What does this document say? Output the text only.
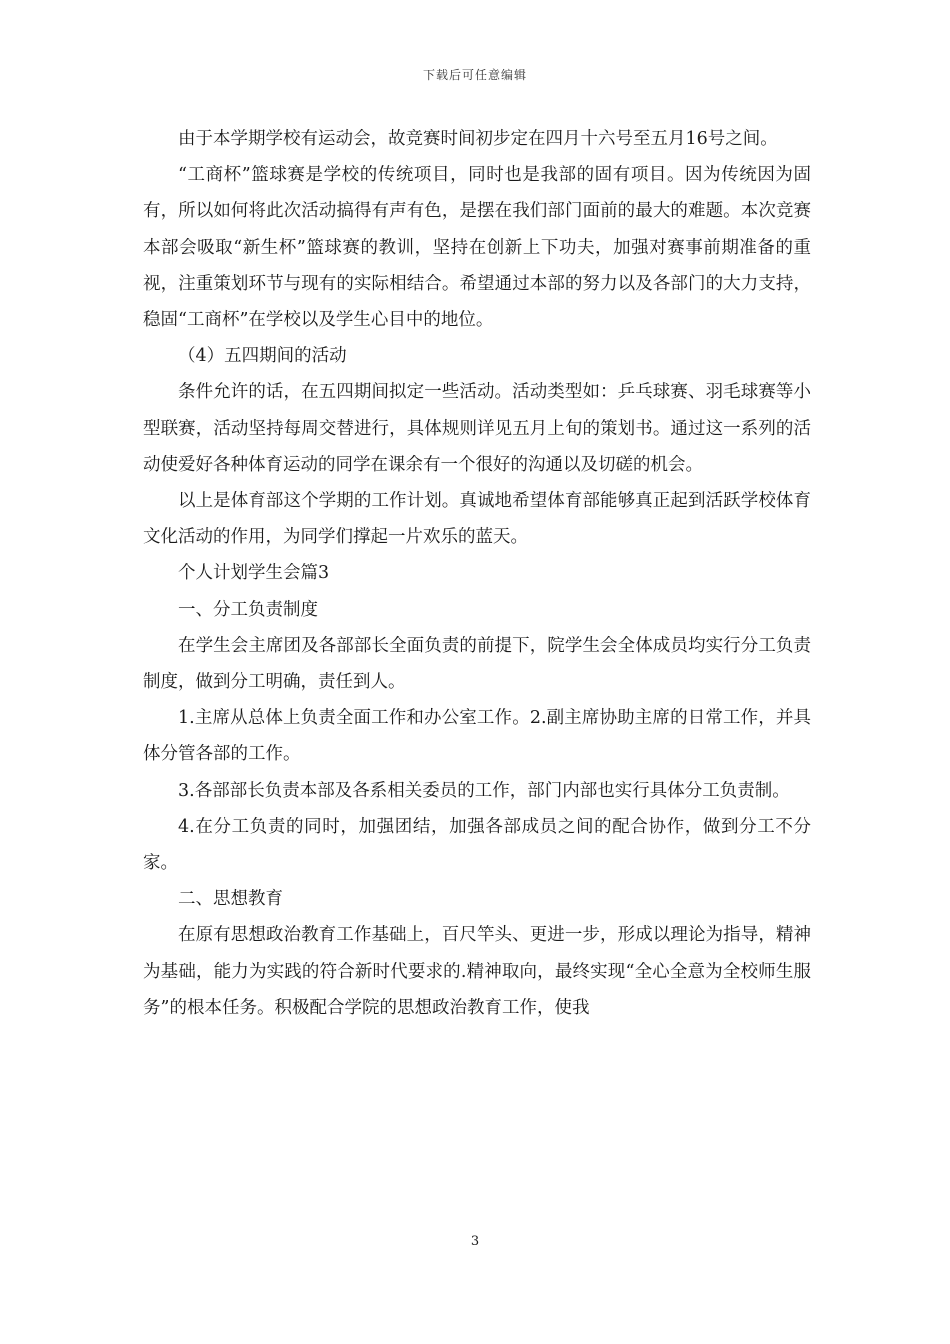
下载后可任意编辑

由于本学期学校有运动会，故竞赛时间初步定在四月十六号至五月16号之间。

“工商杯”篮球赛是学校的传统项目，同时也是我部的固有项目。因为传统因为固有，所以如何将此次活动搞得有声有色，是摆在我们部门面前的最大的难题。本次竞赛本部会吸取“新生杯”篮球赛的教训，坚持在创新上下功夫，加强对赛事前期准备的重视，注重策划环节与现有的实际相结合。希望通过本部的努力以及各部门的大力支持，稳固“工商杯”在学校以及学生心目中的地位。

（4）五四期间的活动

条件允许的话，在五四期间拟定一些活动。活动类型如：乒乓球赛、羽毛球赛等小型联赛，活动坚持每周交替进行，具体规则详见五月上旬的策划书。通过这一系列的活动使爱好各种体育运动的同学在课余有一个很好的沟通以及切磋的机会。

以上是体育部这个学期的工作计划。真诚地希望体育部能够真正起到活跃学校体育文化活动的作用，为同学们撑起一片欢乐的蓝天。

个人计划学生会篇3

一、分工负责制度

在学生会主席团及各部部长全面负责的前提下，院学生会全体成员均实行分工负责制度，做到分工明确，责任到人。

1.主席从总体上负责全面工作和办公室工作。2.副主席协助主席的日常工作，并具体分管各部的工作。

3.各部部长负责本部及各系相关委员的工作，部门内部也实行具体分工负责制。

4.在分工负责的同时，加强团结，加强各部成员之间的配合协作，做到分工不分家。

二、思想教育

在原有思想政治教育工作基础上，百尺竿头、更进一步，形成以理论为指导，精神为基础，能力为实践的符合新时代要求的.精神取向，最终实现“全心全意为全校师生服务”的根本任务。积极配合学院的思想政治教育工作，使我

3
